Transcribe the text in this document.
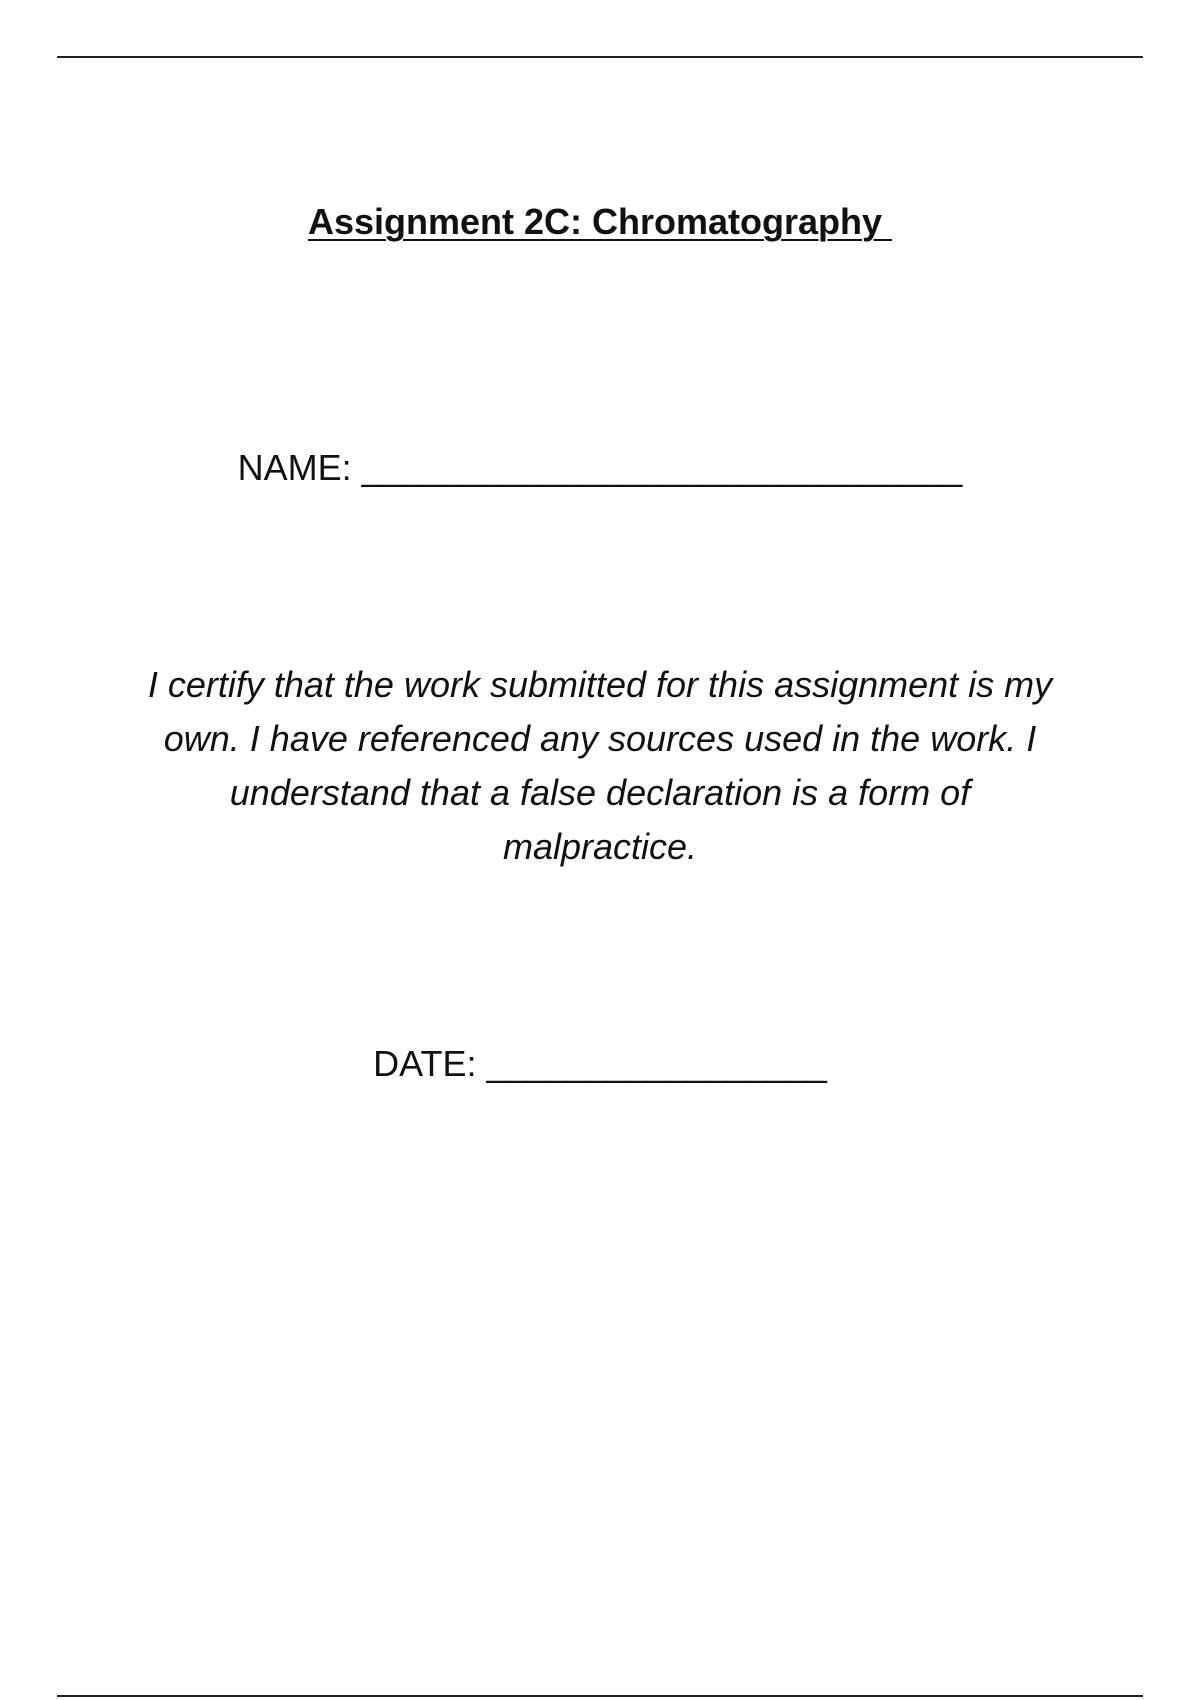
Assignment 2C: Chromatography
NAME: ______________________________
I certify that the work submitted for this assignment is my own. I have referenced any sources used in the work. I understand that a false declaration is a form of malpractice.
DATE: _________________
